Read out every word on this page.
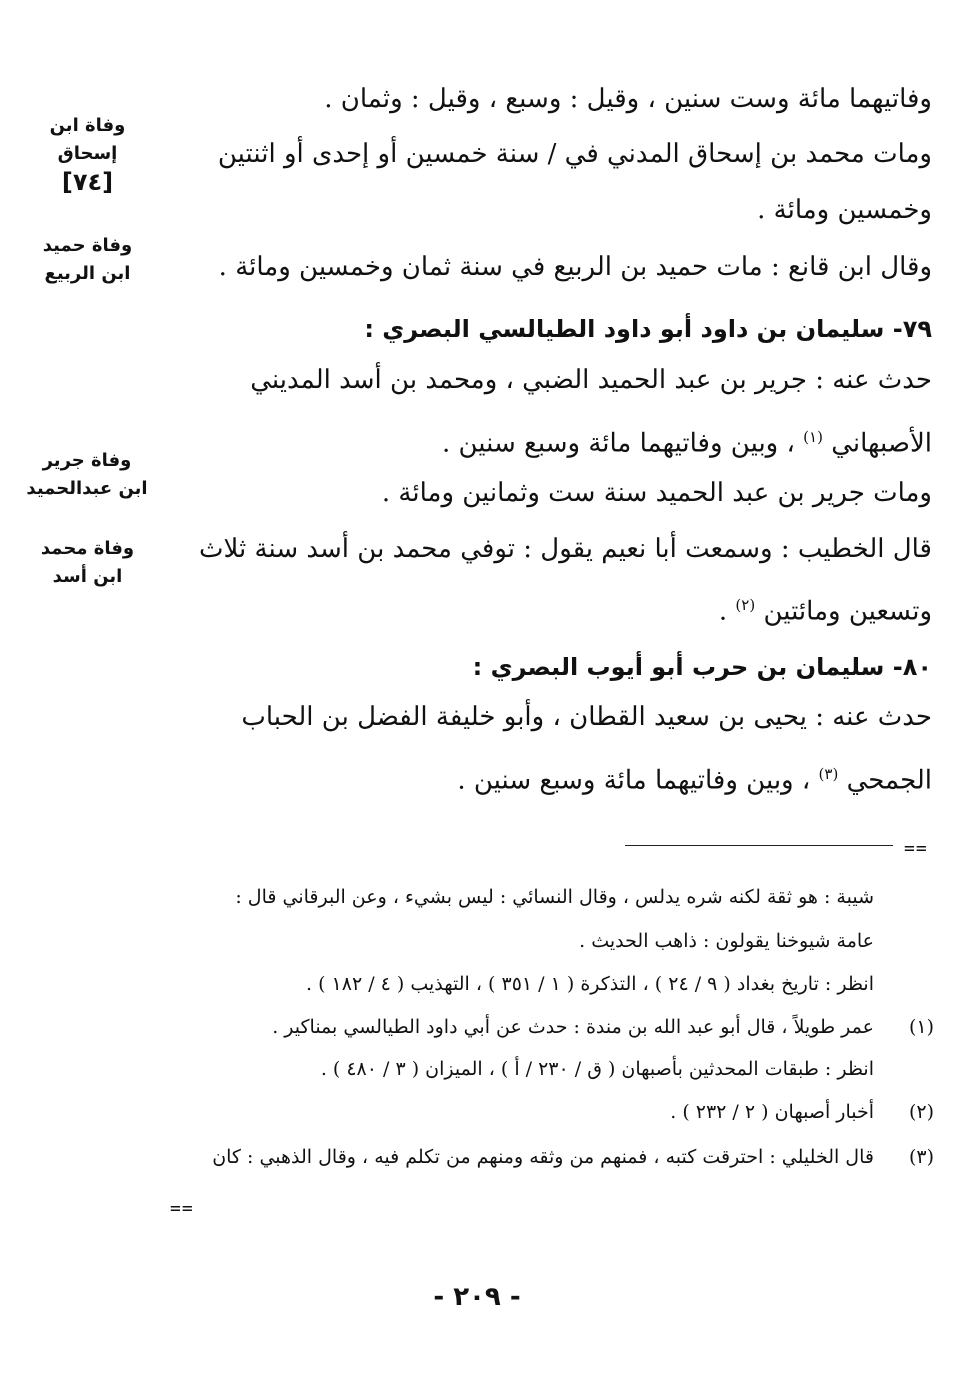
وفاتيهما مائة وست سنين ، وقيل : وسبع ، وقيل : وثمان .
ومات محمد بن إسحاق المدني في / سنة خمسين أو إحدى أو اثنتين
وخمسين ومائة .
وقال ابن قانع : مات حميد بن الربيع في سنة ثمان وخمسين ومائة .
٧٩- سليمان بن داود أبو داود الطيالسي البصري :
حدث عنه : جرير بن عبد الحميد الضبي ، ومحمد بن أسد المديني
الأصبهاني $^{(١)}$ ، وبين وفاتيهما مائة وسبع سنين .
ومات جرير بن عبد الحميد سنة ست وثمانين ومائة .
قال الخطيب : وسمعت أبا نعيم يقول : توفي محمد بن أسد سنة ثلاث
وتسعين ومائتين $^{(٢)}$ .
٨٠- سليمان بن حرب أبو أيوب البصري :
حدث عنه : يحيى بن سعيد القطان ، وأبو خليفة الفضل بن الحباب
الجمحي $^{(٣)}$ ، وبين وفاتيهما مائة وسبع سنين .
وفاة ابن
إسحاق
[٧٤]
وفاة حميد
ابن الربيع
وفاة جرير
ابن عبدالحميد
وفاة محمد
ابن أسد
==
شيبة : هو ثقة لكنه شره يدلس ، وقال النسائي : ليس بشيء ، وعن البرقاني قال :
عامة شيوخنا يقولون : ذاهب الحديث .
انظر : تاريخ بغداد ( ٩ / ٢٤ ) ، التذكرة ( ١ / ٣٥١ ) ، التهذيب ( ٤ / ١٨٢ ) .
(١)
عمر طويلاً ، قال أبو عبد الله بن مندة : حدث عن أبي داود الطيالسي بمناكير .
انظر : طبقات المحدثين بأصبهان ( ق / ٢٣٠ / أ ) ، الميزان ( ٣ / ٤٨٠ ) .
(٢)
أخبار أصبهان ( ٢ / ٢٣٢ ) .
(٣)
قال الخليلي : احترقت كتبه ، فمنهم من وثقه ومنهم من تكلم فيه ، وقال الذهبي : كان
==
- ٢٠٩ -
